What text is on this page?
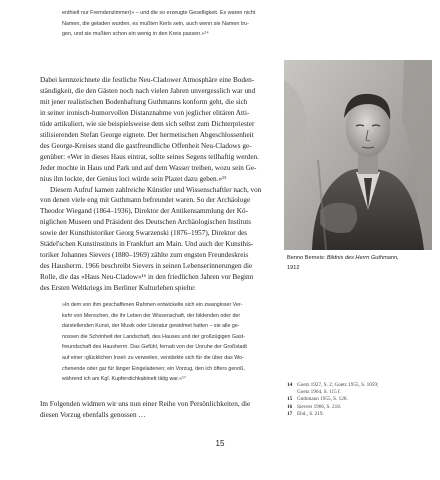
enthielt nur Fremdenzimmer)» – und die so erzeugte Geselligkeit. Es waren nicht
Namen, die geladen wurden, es mußten Kerls sein, auch wenn sie Namen tru-
gen, und sie mußten schon ein wenig in den Kreis passen.»¹⁴
Dabei kennzeichnete die festliche Neu-Cladower Atmosphäre eine Boden-
ständigkeit, die den Gästen noch nach vielen Jahren unvergesslich war und
mit jener realistischen Bodenhaftung Guthmanns konform geht, die sich
in seiner ironisch-humorvollen Distanznahme von jeglicher elitären Atti-
tüde artikuliert, wie sie beispielsweise dem sich selbst zum Dichterpriester
stilisierenden Stefan George eignete. Der hermetischen Abgeschlossenheit
des George-Kreises stand die gastfreundliche Offenheit Neu-Cladows ge-
genüber: «Wer in dieses Haus eintrat, sollte seines Segens teilhaftig werden.
Jeder mochte in Haus und Park und auf dem Wasser treiben, wozu sein Ge-
nius ihn lockte, der Genius loci würde sein Plazet dazu geben.»¹⁵
Diesem Aufruf kamen zahlreiche Künstler und Wissenschaftler nach, von
von denen viele eng mit Guthmann befreundet waren. So der Archäologe
Theodor Wiegand (1864–1936), Direktor der Antikensammlung der Kö-
niglichen Museen und Präsident des Deutschen Archäologischen Instituts
sowie der Kunsthistoriker Georg Swarzenski (1876–1957), Direktor des
Städel'schen Kunstinstituts in Frankfurt am Main. Und auch der Kunsthis-
toriker Johannes Sievers (1880–1969) zählte zum engsten Freundeskreis
des Hausherrn. 1966 beschreibt Sievers in seinen Lebenserinnerungen die
Rolle, die das «Haus Neu-Cladow»¹⁶ in den friedlichen Jahren vor Beginn
des Ersten Weltkriegs im Berliner Kulturleben spielte:
»In dem von ihm geschaffenen Rahmen entwickelte sich ein zwangloser Ver-
kehr von Menschen, die ihr Leben der Wissenschaft, der bildenden oder der
darstellenden Kunst, der Musik oder Literatur gewidmet hatten – sie alle ge-
nossen die Schönheit der Landschaft, des Hauses und der großzügigen Gast-
freundschaft des Hausherrn. Das Gefühl, fernab von der Unruhe der Großstadt
auf einer ›glücklichen Insel‹ zu verweilen, verstärkte sich für die über das Wo-
chenende oder gar für länger Eingeladenen; ein Vorzug, den ich öfters genoß,
während ich am Kgl. Kupferstichkabinett tätig war.«¹⁷
Im Folgenden widmen wir uns nun einer Reihe von Persönlichkeiten, die
diesen Vorzug ebenfalls genossen …
Benno Berneis: Bildnis des Herrn Guthmann,
1912
14 Goetz 1927, S. 2; Goetz 1955, S. 1059;
Goetz 1964, S. 115 f.
15 Guthmann 1955, S. 128.
16 Sievers 1966, S. 218.
17 Ebd., S. 219.
15
